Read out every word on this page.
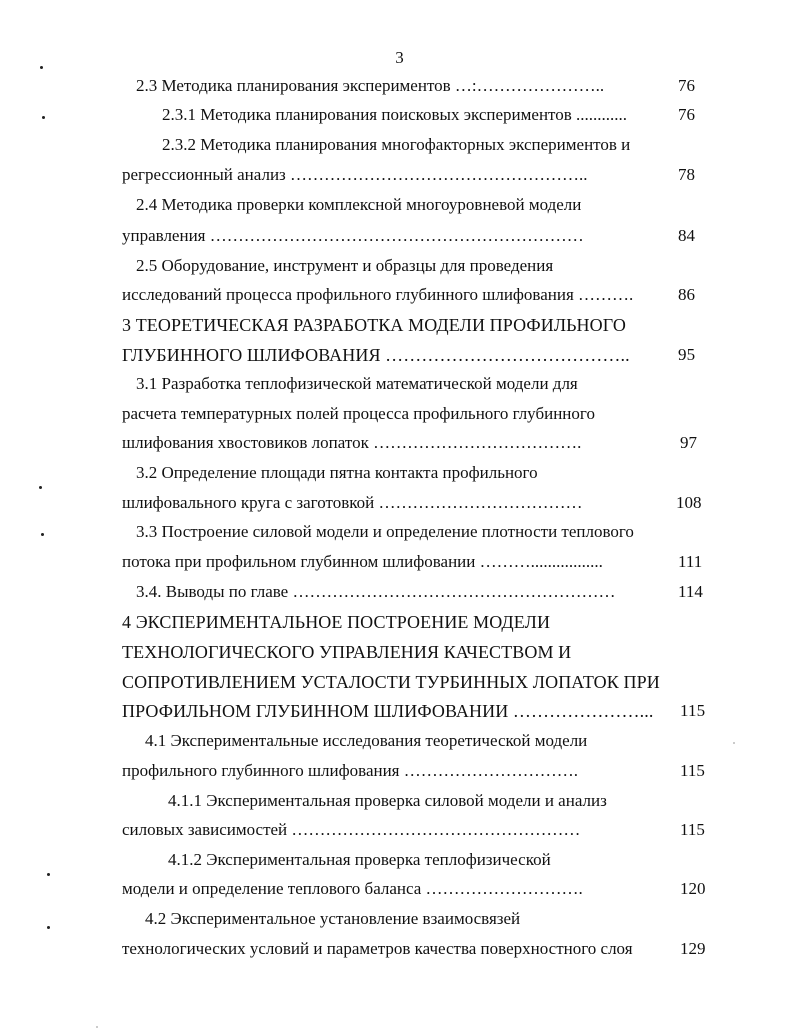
3
2.3 Методика планирования экспериментов …:…………………..	76
2.3.1 Методика планирования поисковых экспериментов ............	76
2.3.2 Методика планирования многофакторных экспериментов и
регрессионный анализ ……………………………………………..	78
2.4 Методика проверки комплексной многоуровневой модели
управления …………………………………………………………	84
2.5 Оборудование, инструмент и образцы для проведения
исследований процесса профильного глубинного шлифования ……….	86
3 ТЕОРЕТИЧЕСКАЯ РАЗРАБОТКА МОДЕЛИ ПРОФИЛЬНОГО
ГЛУБИННОГО ШЛИФОВАНИЯ …………………………………..	95
3.1 Разработка теплофизической математической модели для
расчета температурных полей процесса профильного глубинного
шлифования хвостовиков лопаток ……………………………….	97
3.2 Определение площади пятна контакта профильного
шлифовального круга с заготовкой ………………………………	108
3.3 Построение силовой модели и определение плотности теплового
потока при профильном глубинном шлифовании ……….................	111
3.4. Выводы по главе …………………………………………………	114
4 ЭКСПЕРИМЕНТАЛЬНОЕ ПОСТРОЕНИЕ МОДЕЛИ
ТЕХНОЛОГИЧЕСКОГО УПРАВЛЕНИЯ КАЧЕСТВОМ И
СОПРОТИВЛЕНИЕМ УСТАЛОСТИ ТУРБИННЫХ ЛОПАТОК ПРИ
ПРОФИЛЬНОМ ГЛУБИННОМ ШЛИФОВАНИИ …………………... 115
4.1 Экспериментальные исследования теоретической модели
профильного глубинного шлифования ………………………….	115
4.1.1 Экспериментальная проверка силовой модели и анализ
силовых зависимостей ……………………………………………	115
4.1.2 Экспериментальная проверка теплофизической
модели и определение теплового баланса ……………………….	120
4.2 Экспериментальное установление взаимосвязей
технологических условий и параметров качества поверхностного слоя	129
